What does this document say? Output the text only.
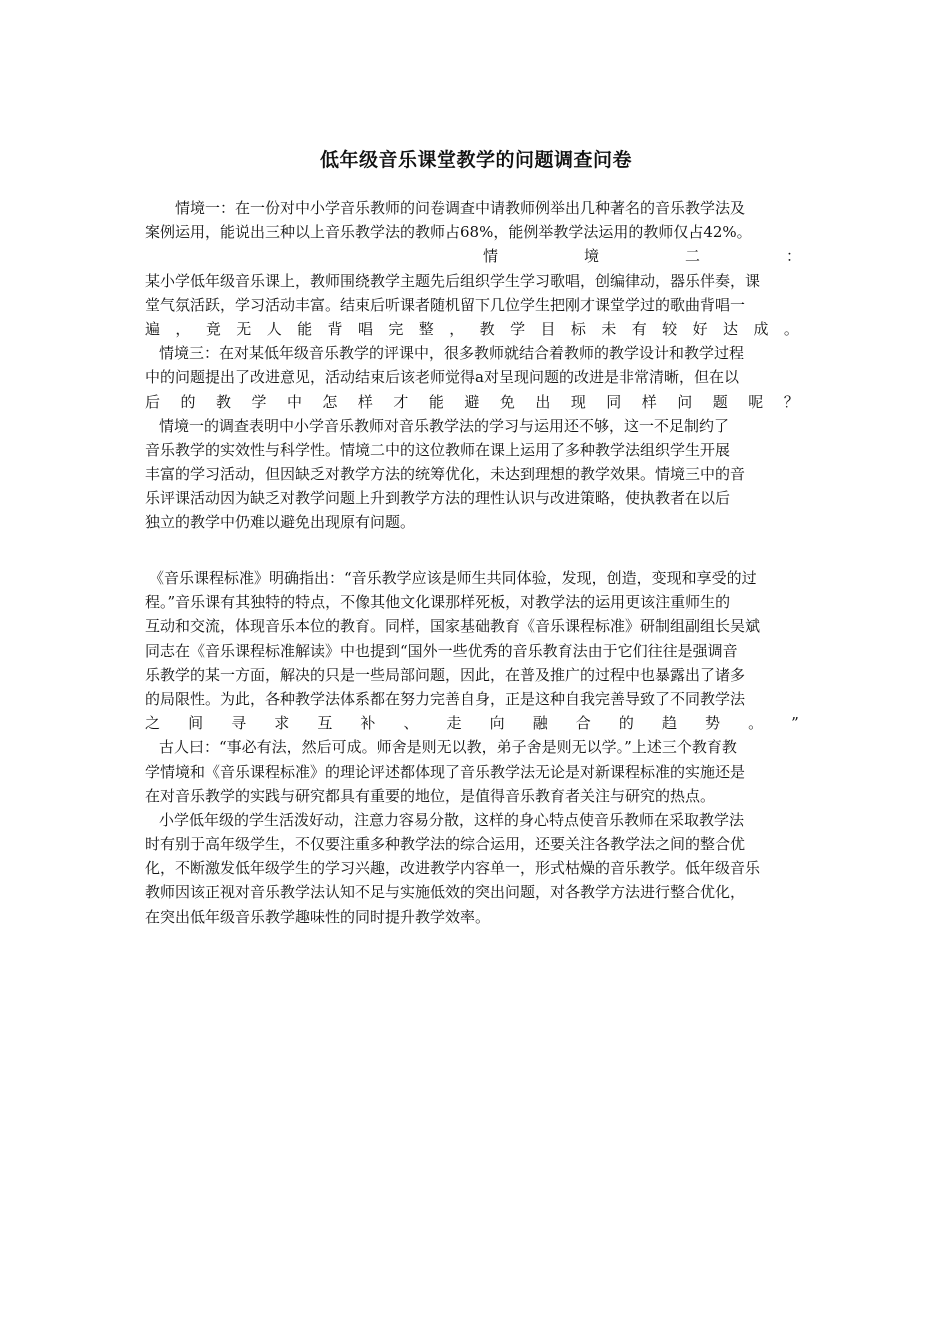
低年级音乐课堂教学的问题调查问卷
情境一：在一份对中小学音乐教师的问卷调查中请教师例举出几种著名的音乐教学法及
案例运用，能说出三种以上音乐教学法的教师占68%，能例举教学法运用的教师仅占42%。
情	境	二	：
某小学低年级音乐课上，教师围绕教学主题先后组织学生学习歌唱，创编律动，器乐伴奏，课
堂气氛活跃，学习活动丰富。结束后听课者随机留下几位学生把刚才课堂学过的歌曲背唱一
遍 ， 竟 无 人 能 背 唱 完 整 ， 教 学 目 标 未 有 较 好 达 成 。
情境三：在对某低年级音乐教学的评课中，很多教师就结合着教师的教学设计和教学过程
中的问题提出了改进意见，活动结束后该老师觉得a对呈现问题的改进是非常清晰，但在以
后 的 教 学 中 怎 样 才 能 避 免 出 现 同 样 问 题 呢 ？
情境一的调查表明中小学音乐教师对音乐教学法的学习与运用还不够，这一不足制约了
音乐教学的实效性与科学性。情境二中的这位教师在课上运用了多种教学法组织学生开展
丰富的学习活动，但因缺乏对教学方法的统筹优化，未达到理想的教学效果。情境三中的音
乐评课活动因为缺乏对教学问题上升到教学方法的理性认识与改进策略，使执教者在以后
独立的教学中仍难以避免出现原有问题。
《音乐课程标准》明确指出：“音乐教学应该是师生共同体验，发现，创造，变现和享受的过
程。”音乐课有其独特的特点，不像其他文化课那样死板，对教学法的运用更该注重师生的
互动和交流，体现音乐本位的教育。同样，国家基础教育《音乐课程标准》研制组副组长吴斌
同志在《音乐课程标准解读》中也提到“国外一些优秀的音乐教育法由于它们往往是强调音
乐教学的某一方面，解决的只是一些局部问题，因此，在普及推广的过程中也暴露出了诸多
的局限性。为此，各种教学法体系都在努力完善自身，正是这种自我完善导致了不同教学法
之 间 寻 求 互 补 、 走 向 融 合 的 趋 势 。 ”
古人曰：“事必有法，然后可成。师舍是则无以教，弟子舍是则无以学。”上述三个教育教
学情境和《音乐课程标准》的理论评述都体现了音乐教学法无论是对新课程标准的实施还是
在对音乐教学的实践与研究都具有重要的地位，是值得音乐教育者关注与研究的热点。
小学低年级的学生活泼好动，注意力容易分散，这样的身心特点使音乐教师在采取教学法
时有别于高年级学生，不仅要注重多种教学法的综合运用，还要关注各教学法之间的整合优
化，不断激发低年级学生的学习兴趣，改进教学内容单一，形式枯燥的音乐教学。低年级音乐
教师因该正视对音乐教学法认知不足与实施低效的突出问题，对各教学方法进行整合优化，
在突出低年级音乐教学趣味性的同时提升教学效率。
